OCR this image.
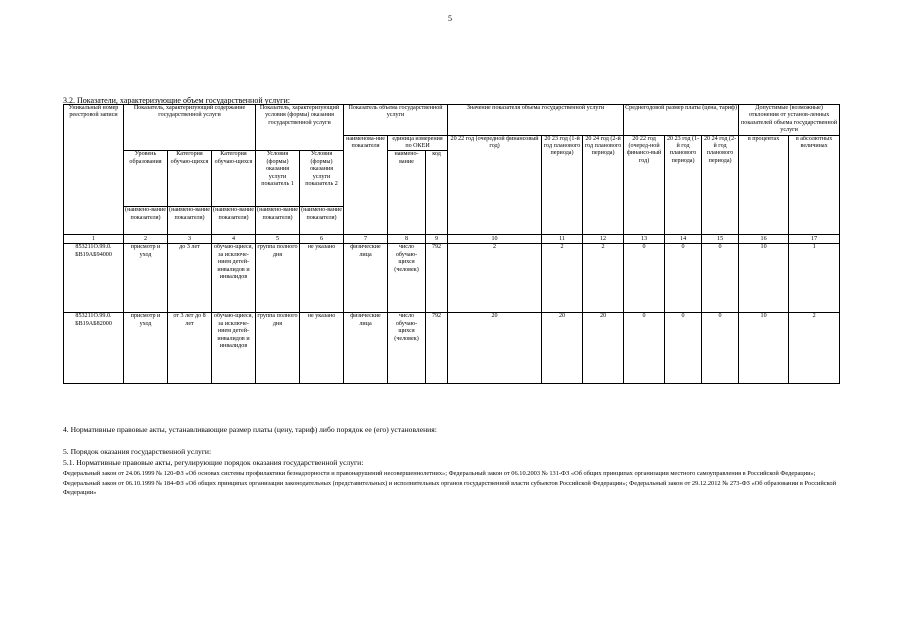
5
3.2. Показатели, характеризующие объем государственной услуги:
Уникальный номер реестровой записи	Показатель, характеризующий содержание государственной услуги			Показатель, характеризующий условия (формы) оказания государственной услуги		Показатель объема государственной услуги			Значение показателя объема государственной услуги			Среднегодовой размер платы (цена, тариф)			Допустимые (возможные) отклонения от установ-ленных показателей объема государственной услуги	
						наименова-ние показателя	единица измерения по ОКЕИ		20 22 год (очередной финансовый год)	20 23 год (1-й год планового периода)	20 24 год (2-й год планового периода)	20 22 год (очеред-ной финансо-вый год)	20 23 год (1-й год планового периода)	20 24 год (2-й год планового периода)	в процентах	в абсолютных величинах
	Уровень образования	Категория обучаю-щихся	Категория обучаю-щихся	Условия (формы) оказания услуги показатель 1	Условия (формы) оказания услуги показатель 2		наимено-вание	код								
	(наимено-вание показателя)	(наимено-вание показателя)	(наимено-вание показателя)	(наимено-вание показателя)	(наимено-вание показателя)											
1	2	3	4	5	6	7	8	9	10	11	12	13	14	15	16	17
853211О.99.0. БВ19АБ94000	присмотр и уход	до 3 лет	обучаю-щиеся, за исключе-нием детей-инвалидов и инвалидов	группа полного дня	не указано	физические лица	число обучаю-щихся (человек)	792	2	2	2	0	0	0	10	1
853211О.99.0. БВ19АБ82000	присмотр и уход	от 3 лет до 8 лет	обучаю-щиеся, за исключе-нием детей-инвалидов и инвалидов	группа полного дня	не указано	физические лица	число обучаю-щихся (человек)	792	20	20	20	0	0	0	10	2
4. Нормативные правовые акты, устанавливающие размер платы (цену, тариф) либо порядок ее (его) установления:
5. Порядок оказания государственной услуги:
5.1. Нормативные правовые акты, регулирующие порядок оказания государственной услуги:
Федеральный закон от 24.06.1999 № 120-ФЗ «Об основах системы профилактики безнадзорности и правонарушений несовершеннолетних»; Федеральный закон от 06.10.2003 № 131-ФЗ «Об общих принципах организации местного самоуправления в Российской Федерации»; Федеральный закон от 06.10.1999 № 184-ФЗ «Об общих принципах организации законодательных (представительных) и исполнительных органов государственной власти субъектов Российской Федерации»; Федеральный закон от 29.12.2012 № 273-ФЗ «Об образовании в Российской Федерации»
